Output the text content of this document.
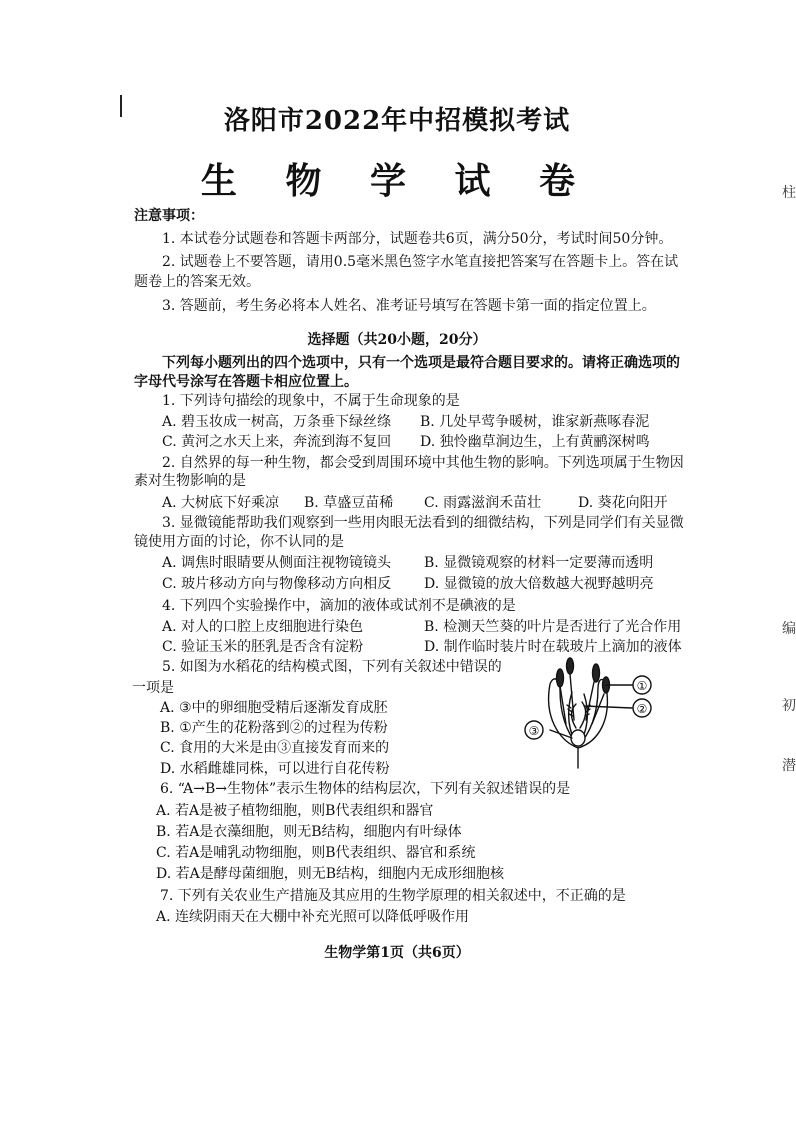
柱
编
初
潜
洛阳市2022年中招模拟考试
生 物 学 试 卷
注意事项：
1. 本试卷分试题卷和答题卡两部分，试题卷共6页，满分50分，考试时间50分钟。
2. 试题卷上不要答题，请用0.5毫米黑色签字水笔直接把答案写在答题卡上。答在试
题卷上的答案无效。
3. 答题前，考生务必将本人姓名、准考证号填写在答题卡第一面的指定位置上。
选择题（共20小题，20分）
下列每小题列出的四个选项中，只有一个选项是最符合题目要求的。请将正确选项的
字母代号涂写在答题卡相应位置上。
1. 下列诗句描绘的现象中，不属于生命现象的是
A. 碧玉妆成一树高，万条垂下绿丝绦 B. 几处早莺争暖树，谁家新燕啄春泥
C. 黄河之水天上来，奔流到海不复回 D. 独怜幽草涧边生，上有黄鹂深树鸣
2. 自然界的每一种生物，都会受到周围环境中其他生物的影响。下列选项属于生物因
素对生物影响的是
A. 大树底下好乘凉 B. 草盛豆苗稀 C. 雨露滋润禾苗壮	D. 葵花向阳开
3. 显微镜能帮助我们观察到一些用肉眼无法看到的细微结构，下列是同学们有关显微
镜使用方面的讨论，你不认同的是
A. 调焦时眼睛要从侧面注视物镜镜头 B. 显微镜观察的材料一定要薄而透明
C. 玻片移动方向与物像移动方向相反 D. 显微镜的放大倍数越大视野越明亮
4. 下列四个实验操作中，滴加的液体或试剂不是碘液的是
A. 对人的口腔上皮细胞进行染色	B. 检测天竺葵的叶片是否进行了光合作用
C. 验证玉米的胚乳是否含有淀粉	D. 制作临时装片时在载玻片上滴加的液体
5. 如图为水稻花的结构模式图，下列有关叙述中错误的
一项是
A. ③中的卵细胞受精后逐渐发育成胚
B. ①产生的花粉落到②的过程为传粉
C. 食用的大米是由③直接发育而来的
D. 水稻雌雄同株，可以进行自花传粉
①
②
③
6. “A→B→生物体”表示生物体的结构层次，下列有关叙述错误的是
A. 若A是被子植物细胞，则B代表组织和器官
B. 若A是衣藻细胞，则无B结构，细胞内有叶绿体
C. 若A是哺乳动物细胞，则B代表组织、器官和系统
D. 若A是酵母菌细胞，则无B结构，细胞内无成形细胞核
7. 下列有关农业生产措施及其应用的生物学原理的相关叙述中，不正确的是
A. 连续阴雨天在大棚中补充光照可以降低呼吸作用
生物学第1页（共6页）
